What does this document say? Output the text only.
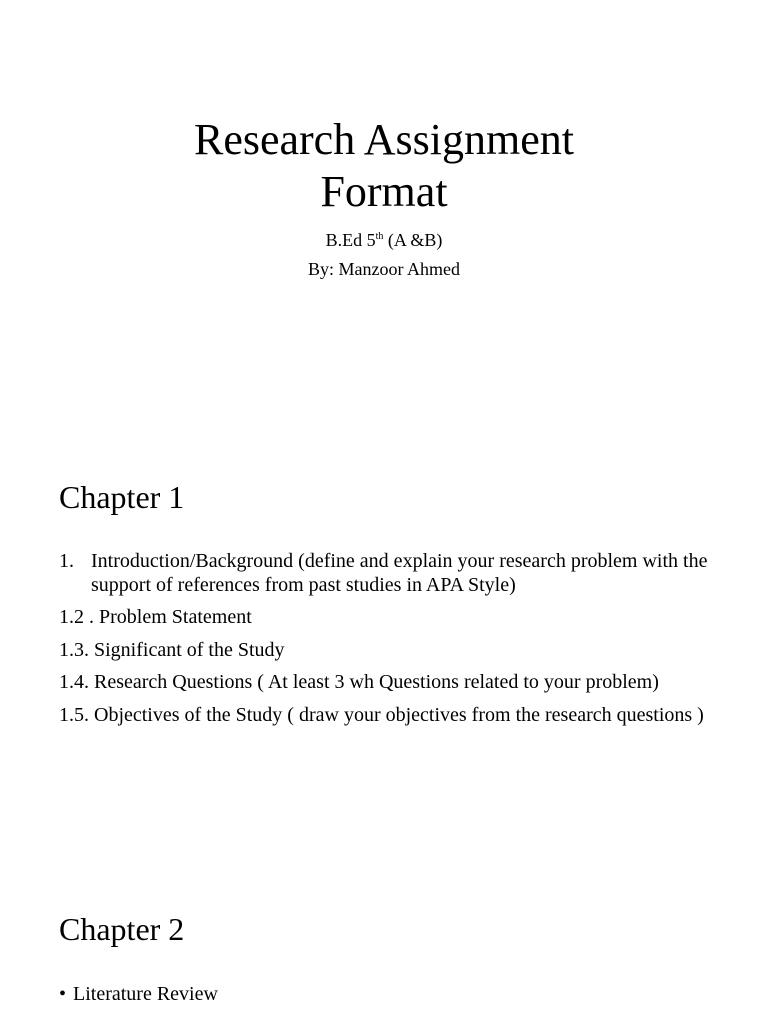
Research Assignment
Format
B.Ed 5th (A &B)
By: Manzoor Ahmed
Chapter 1
1. Introduction/Background (define and explain your research problem with the support of references from past studies in APA Style)
1.2 . Problem Statement
1.3. Significant of the Study
1.4. Research Questions ( At least 3 wh Questions related to your problem)
1.5. Objectives of the Study ( draw your objectives from the research questions )
Chapter 2
• Literature Review
